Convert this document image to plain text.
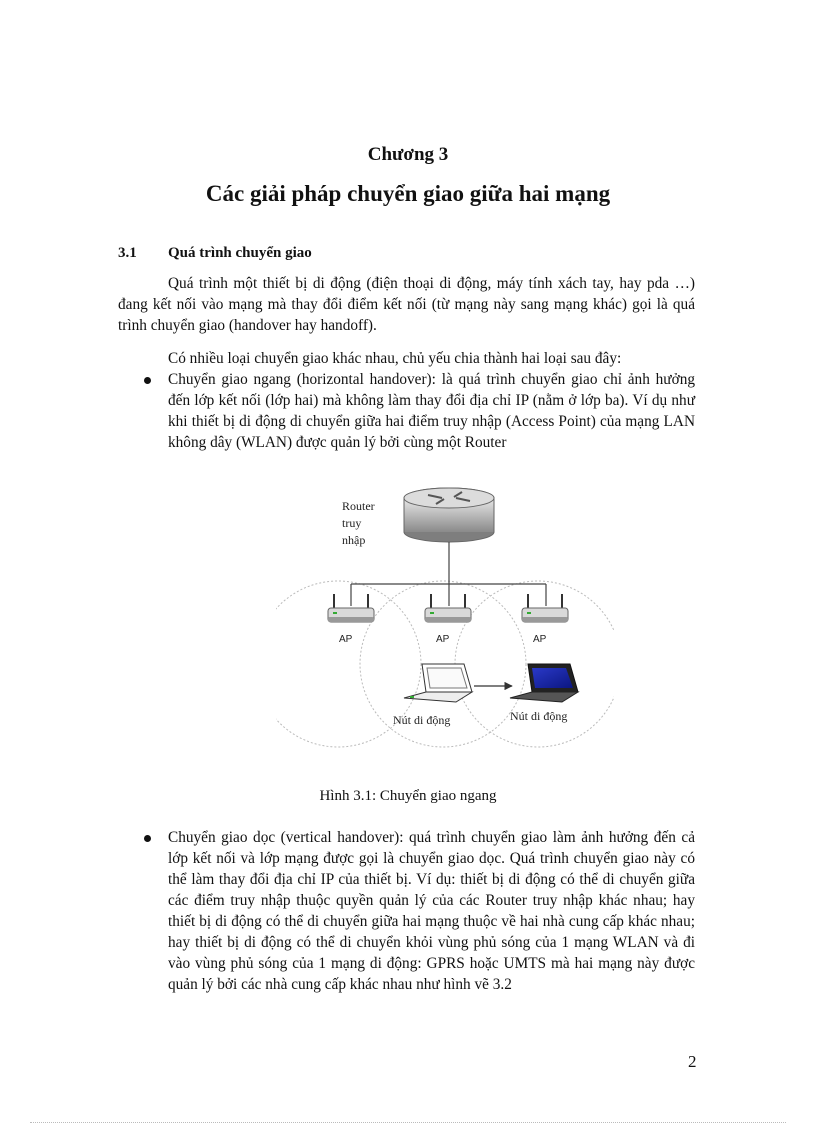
Chương 3
Các giải pháp chuyển giao giữa hai mạng
3.1 Quá trình chuyển giao

Quá trình một thiết bị di động (điện thoại di động, máy tính xách tay, hay pda …) đang kết nối vào mạng mà thay đổi điểm kết nối (từ mạng này sang mạng khác) gọi là quá trình chuyển giao (handover hay handoff).

Có nhiều loại chuyển giao khác nhau, chủ yếu chia thành hai loại sau đây:

Chuyển giao ngang (horizontal handover): là quá trình chuyển giao chỉ ảnh hưởng đến lớp kết nối (lớp hai) mà không làm thay đổi địa chỉ IP (nằm ở lớp ba). Ví dụ như khi thiết bị di động di chuyển giữa hai điểm truy nhập (Access Point) của mạng LAN không dây (WLAN) được quản lý bởi cùng một Router

Router
truy
nhập
AP	AP	AP
Nút di động	Nút di động
Hình 3.1: Chuyển giao ngang

Chuyển giao dọc (vertical handover): quá trình chuyển giao làm ảnh hưởng đến cả lớp kết nối và lớp mạng được gọi là chuyển giao dọc. Quá trình chuyển giao này có thể làm thay đổi địa chỉ IP của thiết bị. Ví dụ: thiết bị di động có thể di chuyển giữa các điểm truy nhập thuộc quyền quản lý của các Router truy nhập khác nhau; hay thiết bị di động có thể di chuyển giữa hai mạng thuộc về hai nhà cung cấp khác nhau; hay thiết bị di động có thể di chuyển khỏi vùng phủ sóng của 1 mạng WLAN và đi vào vùng phủ sóng của 1 mạng di động: GPRS hoặc UMTS mà hai mạng này được quản lý bởi các nhà cung cấp khác nhau như hình vẽ 3.2

2
